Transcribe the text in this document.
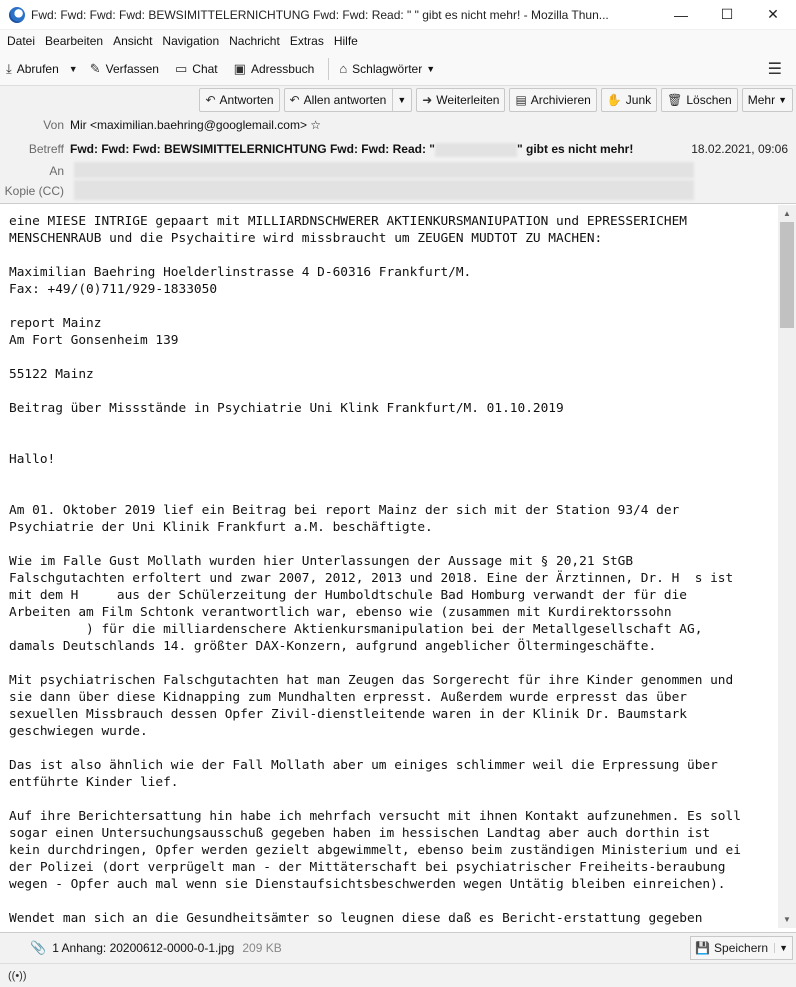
Fwd: Fwd: Fwd: Fwd: BEWSIMITTELERNICHTUNG Fwd: Fwd: Read: " " gibt es nicht mehr! - Mozilla Thun...	—	☐	✕
Datei Bearbeiten Ansicht Navigation Nachricht Extras Hilfe
⤓ Abrufen ▼ ✎ Verfassen ▭ Chat ▣ Adressbuch ⌂ Schlagwörter ▼	☰
↶ Antworten ↶ Allen antworten	▼ ➜ Weiterleiten ▤ Archivieren ✋ Junk 🗑 Löschen Mehr ▼
Von Mir <maximilian.baehring@googlemail.com> ☆
Betreff Fwd: Fwd: Fwd: BEWSIMITTELERNICHTUNG Fwd: Fwd: Read: "	" gibt es nicht mehr!	18.02.2021, 09:06
An
Kopie (CC)
eine MIESE INTRIGE gepaart mit MILLIARDNSCHWERER AKTIENKURSMANIUPATION und EPRESSERICHEM
MENSCHENRAUB und die Psychaitire wird missbraucht um ZEUGEN MUDTOT ZU MACHEN:

Maximilian Baehring Hoelderlinstrasse 4 D-60316 Frankfurt/M.
Fax: +49/(0)711/929-1833050

report Mainz
Am Fort Gonsenheim 139

55122 Mainz

Beitrag über Missstände in Psychiatrie Uni Klink Frankfurt/M. 01.10.2019

Hallo!

Am 01. Oktober 2019 lief ein Beitrag bei report Mainz der sich mit der Station 93/4 der
Psychiatrie der Uni Klinik Frankfurt a.M. beschäftigte.

Wie im Falle Gust Mollath wurden hier Unterlassungen der Aussage mit § 20,21 StGB
Falschgutachten erfoltert und zwar 2007, 2012, 2013 und 2018. Eine der Ärztinnen, Dr. H  s ist
mit dem H     aus der Schülerzeitung der Humboldtschule Bad Homburg verwandt der für die
Arbeiten am Film Schtonk verantwortlich war, ebenso wie (zusammen mit Kurdirektorssohn
) für die milliardenschere Aktienkursmanipulation bei der Metallgesellschaft AG,
damals Deutschlands 14. größter DAX-Konzern, aufgrund angeblicher Öltermingeschäfte.

Mit psychiatrischen Falschgutachten hat man Zeugen das Sorgerecht für ihre Kinder genommen und
sie dann über diese Kidnapping zum Mundhalten erpresst. Außerdem wurde erpresst das über
sexuellen Missbrauch dessen Opfer Zivil-dienstleitende waren in der Klinik Dr. Baumstark
geschwiegen wurde.

Das ist also ähnlich wie der Fall Mollath aber um einiges schlimmer weil die Erpressung über
entführte Kinder lief.

Auf ihre Berichtersattung hin habe ich mehrfach versucht mit ihnen Kontakt aufzunehmen. Es soll
sogar einen Untersuchungsausschuß gegeben haben im hessischen Landtag aber auch dorthin ist
kein durchdringen, Opfer werden gezielt abgewimmelt, ebenso beim zuständigen Ministerium und ei
der Polizei (dort verprügelt man - der Mittäterschaft bei psychiatrischer Freiheits-beraubung
wegen - Opfer auch mal wenn sie Dienstaufsichtsbeschwerden wegen Untätig bleiben einreichen).

Wendet man sich an die Gesundheitsämter so leugnen diese daß es Bericht-erstattung gegeben
▲
▼
📎 1 Anhang: 20200612-0000-0-1.jpg 209 KB	💾 Speichern	▼
((•))
